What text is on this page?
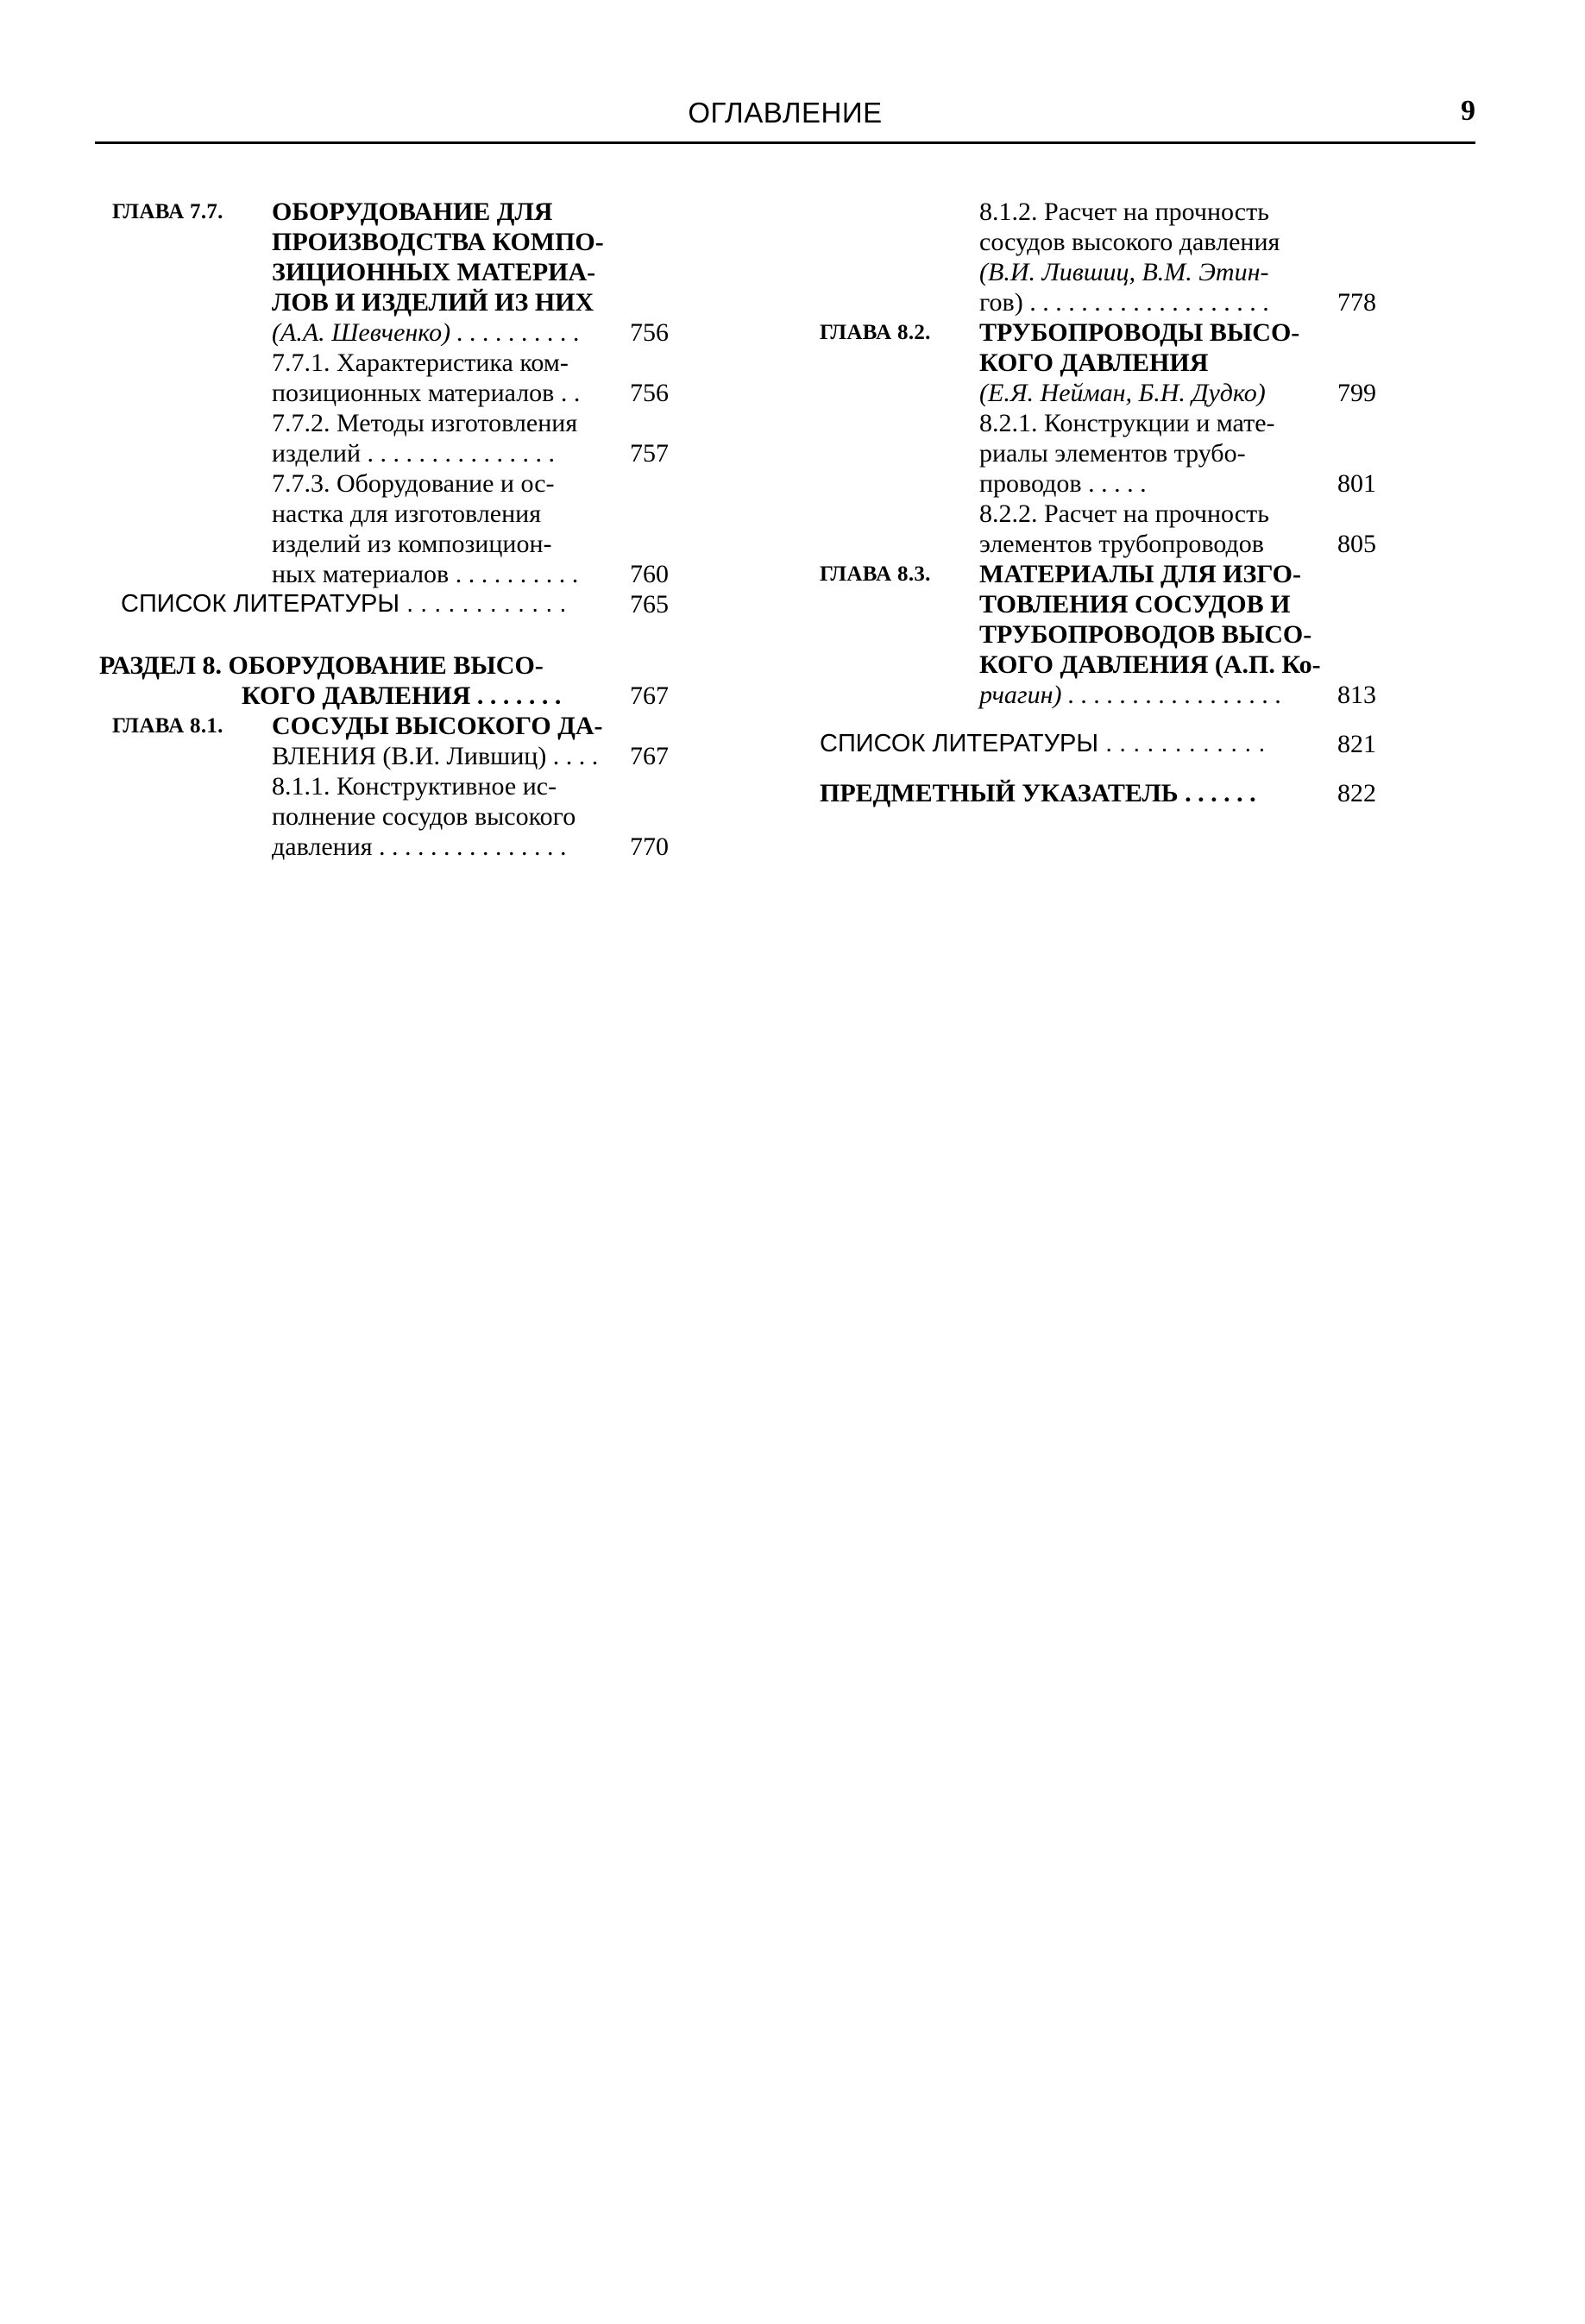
ОГЛАВЛЕНИЕ	9
ГЛАВА 7.7.	ОБОРУДОВАНИЕ ДЛЯ
ПРОИЗВОДСТВА КОМПО-
ЗИЦИОННЫХ МАТЕРИА-
ЛОВ И ИЗДЕЛИЙ ИЗ НИХ
(А.А. Шевченко) . . . . . . . . . .	756
7.7.1. Характеристика ком-
позиционных материалов . .	756
7.7.2. Методы изготовления
изделий . . . . . . . . . . . . . . .	757
7.7.3. Оборудование и ос-
настка для изготовления
изделий из композицион-
ных материалов . . . . . . . . . .	760
СПИСОК ЛИТЕРАТУРЫ . . . . . . . . . . . .	765
РАЗДЕЛ 8. ОБОРУДОВАНИЕ ВЫСО-
КОГО ДАВЛЕНИЯ . . . . . . .	767
ГЛАВА 8.1.	СОСУДЫ ВЫСОКОГО ДА-
ВЛЕНИЯ (В.И. Лившиц) . . . .	767
8.1.1. Конструктивное ис-
полнение сосудов высокого
давления . . . . . . . . . . . . . . .	770
8.1.2. Расчет на прочность
сосудов высокого давления
(В.И. Лившиц, В.М. Этин-
гов) . . . . . . . . . . . . . . . . . . .	778
ГЛАВА 8.2.	ТРУБОПРОВОДЫ ВЫСО-
КОГО ДАВЛЕНИЯ
(Е.Я. Нейман, Б.Н. Дудко)	799
8.2.1. Конструкции и мате-
риалы элементов трубо-
проводов . . . . .	801
8.2.2. Расчет на прочность
элементов трубопроводов	805
ГЛАВА 8.3.	МАТЕРИАЛЫ ДЛЯ ИЗГО-
ТОВЛЕНИЯ СОСУДОВ И
ТРУБОПРОВОДОВ ВЫСО-
КОГО ДАВЛЕНИЯ (А.П. Ко-
рчагин) . . . . . . . . . . . . . . . . .	813
СПИСОК ЛИТЕРАТУРЫ . . . . . . . . . . . .	821
ПРЕДМЕТНЫЙ УКАЗАТЕЛЬ . . . . . .	822
